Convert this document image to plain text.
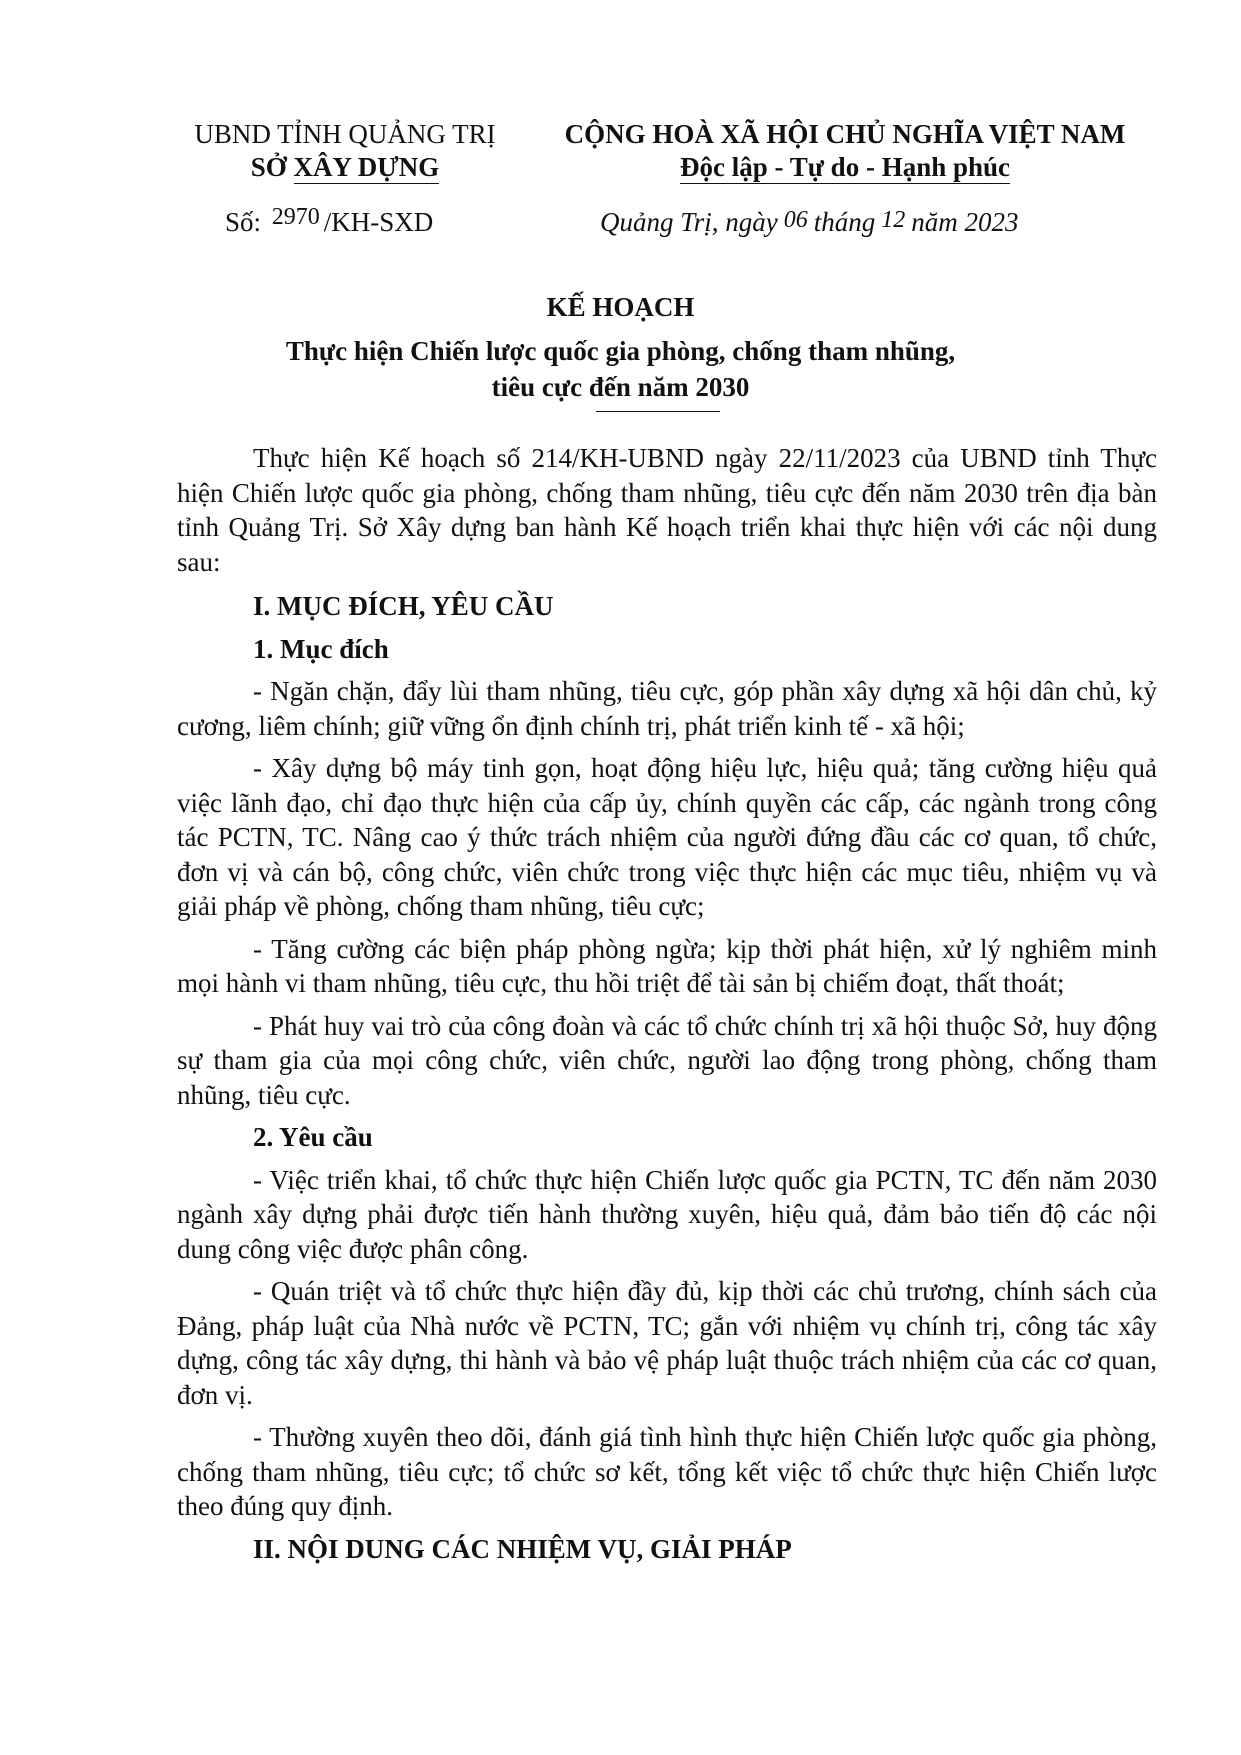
UBND TỈNH QUẢNG TRỊ
SỞ XÂY DỰNG
CỘNG HOÀ XÃ HỘI CHỦ NGHĨA VIỆT NAM
Độc lập - Tự do - Hạnh phúc
Số: 2970 /KH-SXD	Quảng Trị, ngày 06 tháng 12 năm 2023
KẾ HOẠCH
Thực hiện Chiến lược quốc gia phòng, chống tham nhũng,
tiêu cực đến năm 2030

Thực hiện Kế hoạch số 214/KH-UBND ngày 22/11/2023 của UBND tỉnh Thực hiện Chiến lược quốc gia phòng, chống tham nhũng, tiêu cực đến năm 2030 trên địa bàn tỉnh Quảng Trị. Sở Xây dựng ban hành Kế hoạch triển khai thực hiện với các nội dung sau:

I. MỤC ĐÍCH, YÊU CẦU
1. Mục đích

- Ngăn chặn, đẩy lùi tham nhũng, tiêu cực, góp phần xây dựng xã hội dân chủ, kỷ cương, liêm chính; giữ vững ổn định chính trị, phát triển kinh tế - xã hội;

- Xây dựng bộ máy tinh gọn, hoạt động hiệu lực, hiệu quả; tăng cường hiệu quả việc lãnh đạo, chỉ đạo thực hiện của cấp ủy, chính quyền các cấp, các ngành trong công tác PCTN, TC. Nâng cao ý thức trách nhiệm của người đứng đầu các cơ quan, tổ chức, đơn vị và cán bộ, công chức, viên chức trong việc thực hiện các mục tiêu, nhiệm vụ và giải pháp về phòng, chống tham nhũng, tiêu cực;

- Tăng cường các biện pháp phòng ngừa; kịp thời phát hiện, xử lý nghiêm minh mọi hành vi tham nhũng, tiêu cực, thu hồi triệt để tài sản bị chiếm đoạt, thất thoát;

- Phát huy vai trò của công đoàn và các tổ chức chính trị xã hội thuộc Sở, huy động sự tham gia của mọi công chức, viên chức, người lao động trong phòng, chống tham nhũng, tiêu cực.

2. Yêu cầu

- Việc triển khai, tổ chức thực hiện Chiến lược quốc gia PCTN, TC đến năm 2030 ngành xây dựng phải được tiến hành thường xuyên, hiệu quả, đảm bảo tiến độ các nội dung công việc được phân công.

- Quán triệt và tổ chức thực hiện đầy đủ, kịp thời các chủ trương, chính sách của Đảng, pháp luật của Nhà nước về PCTN, TC; gắn với nhiệm vụ chính trị, công tác xây dựng, công tác xây dựng, thi hành và bảo vệ pháp luật thuộc trách nhiệm của các cơ quan, đơn vị.

- Thường xuyên theo dõi, đánh giá tình hình thực hiện Chiến lược quốc gia phòng, chống tham nhũng, tiêu cực; tổ chức sơ kết, tổng kết việc tổ chức thực hiện Chiến lược theo đúng quy định.

II. NỘI DUNG CÁC NHIỆM VỤ, GIẢI PHÁP
